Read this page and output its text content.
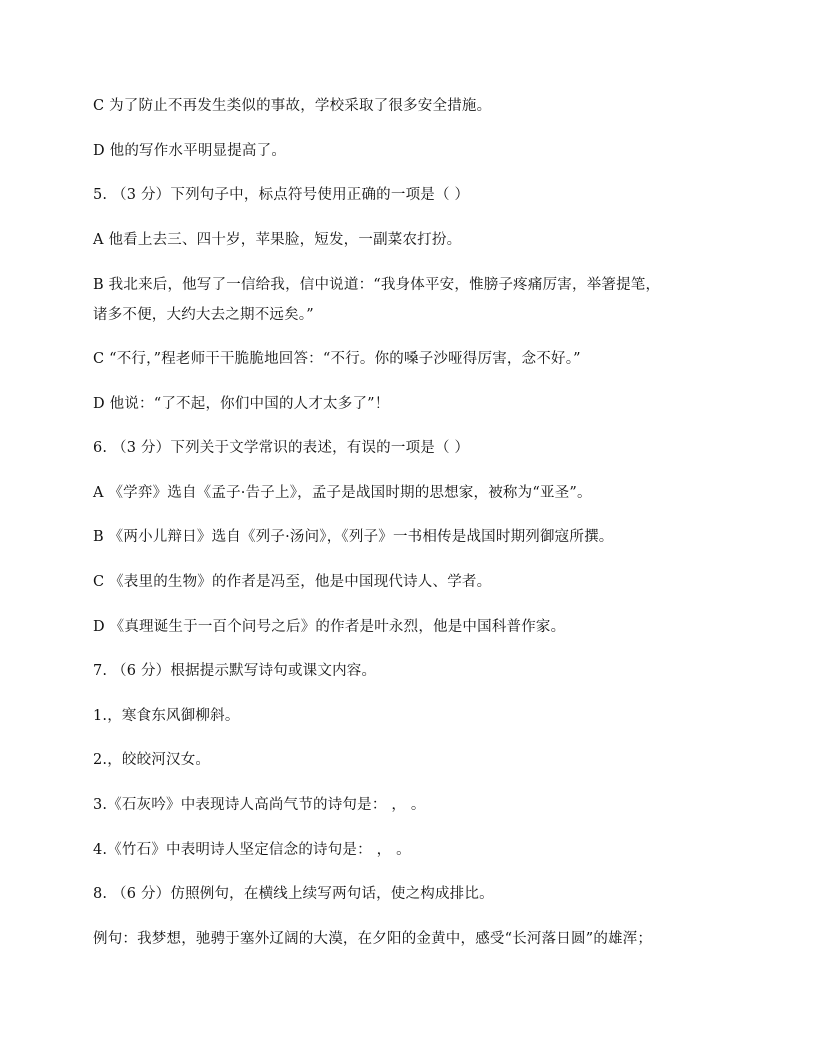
C 为了防止不再发生类似的事故，学校采取了很多安全措施。
D 他的写作水平明显提高了。
5. （3 分）下列句子中，标点符号使用正确的一项是（ ）
A 他看上去三、四十岁，苹果脸，短发，一副菜农打扮。
B 我北来后，他写了一信给我，信中说道：“我身体平安，惟膀子疼痛厉害，举箸提笔，
诸多不便，大约大去之期不远矣。”
C “不行，”程老师干干脆脆地回答：“不行。你的嗓子沙哑得厉害，念不好。”
D 他说：“了不起，你们中国的人才太多了”！
6. （3 分）下列关于文学常识的表述，有误的一项是（ ）
A 《学弈》选自《孟子·告子上》，孟子是战国时期的思想家，被称为“亚圣”。
B 《两小儿辩日》选自《列子·汤问》，《列子》一书相传是战国时期列御寇所撰。
C 《表里的生物》的作者是冯至，他是中国现代诗人、学者。
D 《真理诞生于一百个问号之后》的作者是叶永烈，他是中国科普作家。
7. （6 分）根据提示默写诗句或课文内容。
1.，寒食东风御柳斜。
2.，皎皎河汉女。
3.《石灰吟》中表现诗人高尚气节的诗句是： ， 。
4.《竹石》中表明诗人坚定信念的诗句是： ， 。
8. （6 分）仿照例句，在横线上续写两句话，使之构成排比。
例句：我梦想，驰骋于塞外辽阔的大漠，在夕阳的金黄中，感受“长河落日圆”的雄浑；
